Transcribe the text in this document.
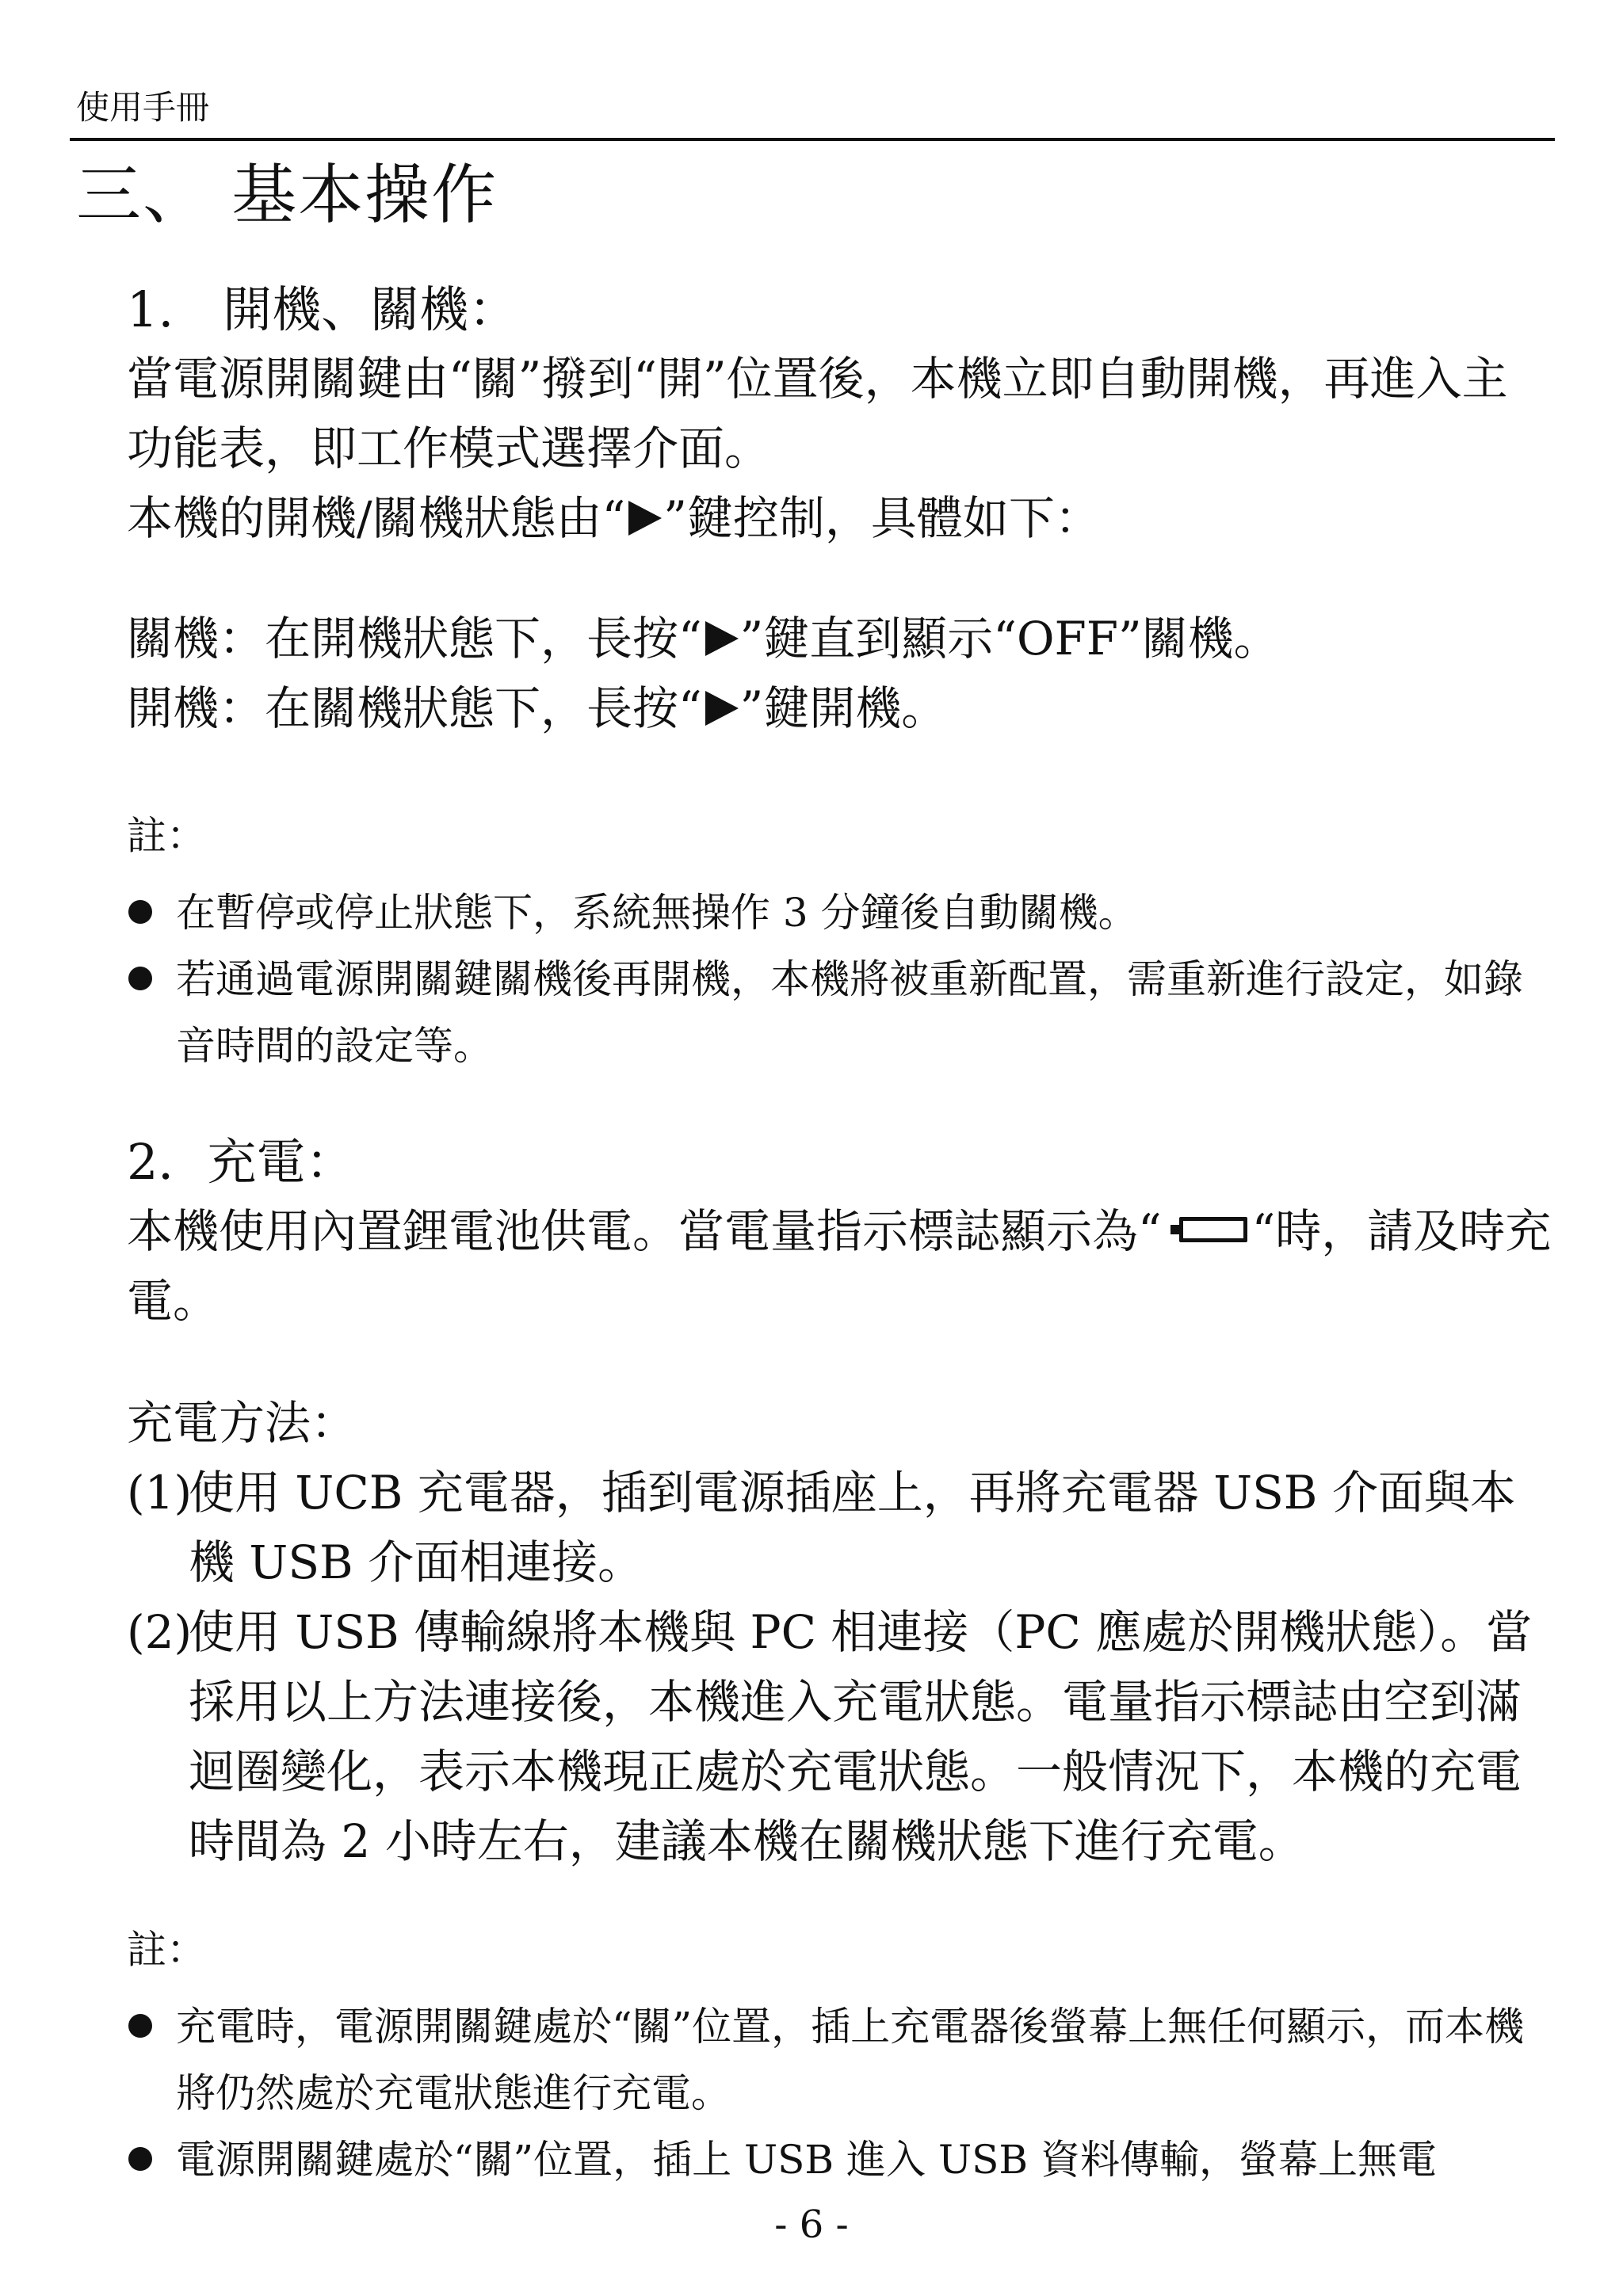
使用手冊
三、 基本操作
1.　開機、關機：

當電源開關鍵由“關”撥到“開”位置後，本機立即自動開機，再進入主功能表，即工作模式選擇介面。

本機的開機/關機狀態由“ ”鍵控制，具體如下：

關機：在開機狀態下，長按“ ”鍵直到顯示“OFF”關機。

開機：在關機狀態下，長按“ ”鍵開機。

註：
在暫停或停止狀態下，系統無操作 3 分鐘後自動關機。
若通過電源開關鍵關機後再開機，本機將被重新配置，需重新進行設定，如錄音時間的設定等。
2．充電：

本機使用內置鋰電池供電。當電量指示標誌顯示為“ “時，請及時充電。

充電方法：

(1)
使用 UCB 充電器，插到電源插座上，再將充電器 USB 介面與本機 USB 介面相連接。
(2)
使用 USB 傳輸線將本機與 PC 相連接（PC 應處於開機狀態）。當採用以上方法連接後，本機進入充電狀態。電量指示標誌由空到滿迴圈變化，表示本機現正處於充電狀態。一般情況下，本機的充電時間為 2 小時左右，建議本機在關機狀態下進行充電。
註：
充電時，電源開關鍵處於“關”位置，插上充電器後螢幕上無任何顯示，而本機將仍然處於充電狀態進行充電。
電源開關鍵處於“關”位置，插上 USB 進入 USB 資料傳輸，螢幕上無電
- 6 -
